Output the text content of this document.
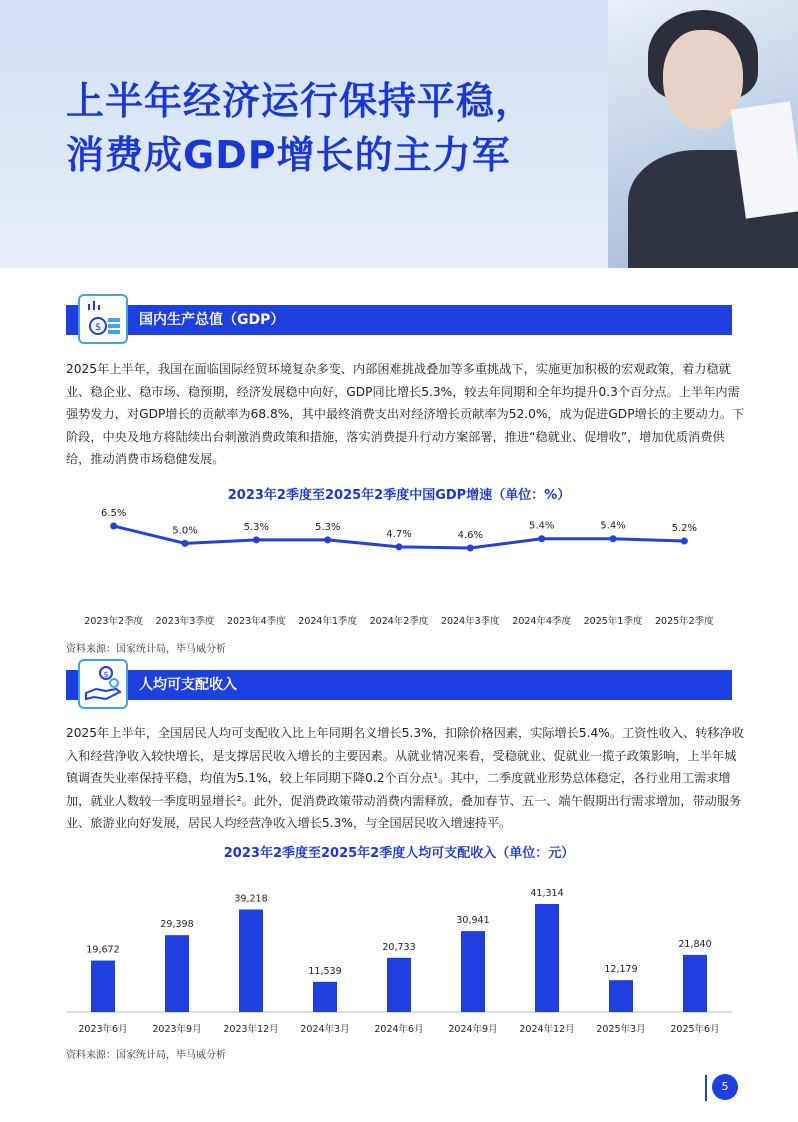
上半年经济运行保持平稳，
消费成GDP增长的主力军
国内生产总值（GDP）
$
2025年上半年，我国在面临国际经贸环境复杂多变、内部困难挑战叠加等多重挑战下，实施更加积极的宏观政策，着力稳就业、稳企业、稳市场、稳预期，经济发展稳中向好，GDP同比增长5.3%，较去年同期和全年均提升0.3个百分点。上半年内需强势发力，对GDP增长的贡献率为68.8%，其中最终消费支出对经济增长贡献率为52.0%，成为促进GDP增长的主要动力。下阶段，中央及地方将陆续出台刺激消费政策和措施，落实消费提升行动方案部署，推进“稳就业、促增收”，增加优质消费供给，推动消费市场稳健发展。
2023年2季度至2025年2季度中国GDP增速（单位：%）
6.5%
2023年2季度
5.0%
2023年3季度
5.3%
2023年4季度
5.3%
2024年1季度
4.7%
2024年2季度
4.6%
2024年3季度
5.4%
2024年4季度
5.4%
2025年1季度
5.2%
2025年2季度
资料来源：国家统计局，毕马威分析
人均可支配收入
$
2025年上半年，全国居民人均可支配收入比上年同期名义增长5.3%，扣除价格因素，实际增长5.4%。工资性收入、转移净收入和经营净收入较快增长，是支撑居民收入增长的主要因素。从就业情况来看，受稳就业、促就业一揽子政策影响，上半年城镇调查失业率保持平稳，均值为5.1%，较上年同期下降0.2个百分点¹。其中，二季度就业形势总体稳定，各行业用工需求增加，就业人数较一季度明显增长²。此外，促消费政策带动消费内需释放，叠加春节、五一、端午假期出行需求增加，带动服务业、旅游业向好发展，居民人均经营净收入增长5.3%，与全国居民收入增速持平。
2023年2季度至2025年2季度人均可支配收入（单位：元）
19,672
2023年6月
29,398
2023年9月
39,218
2023年12月
11,539
2024年3月
20,733
2024年6月
30,941
2024年9月
41,314
2024年12月
12,179
2025年3月
21,840
2025年6月
资料来源：国家统计局，毕马威分析
5
